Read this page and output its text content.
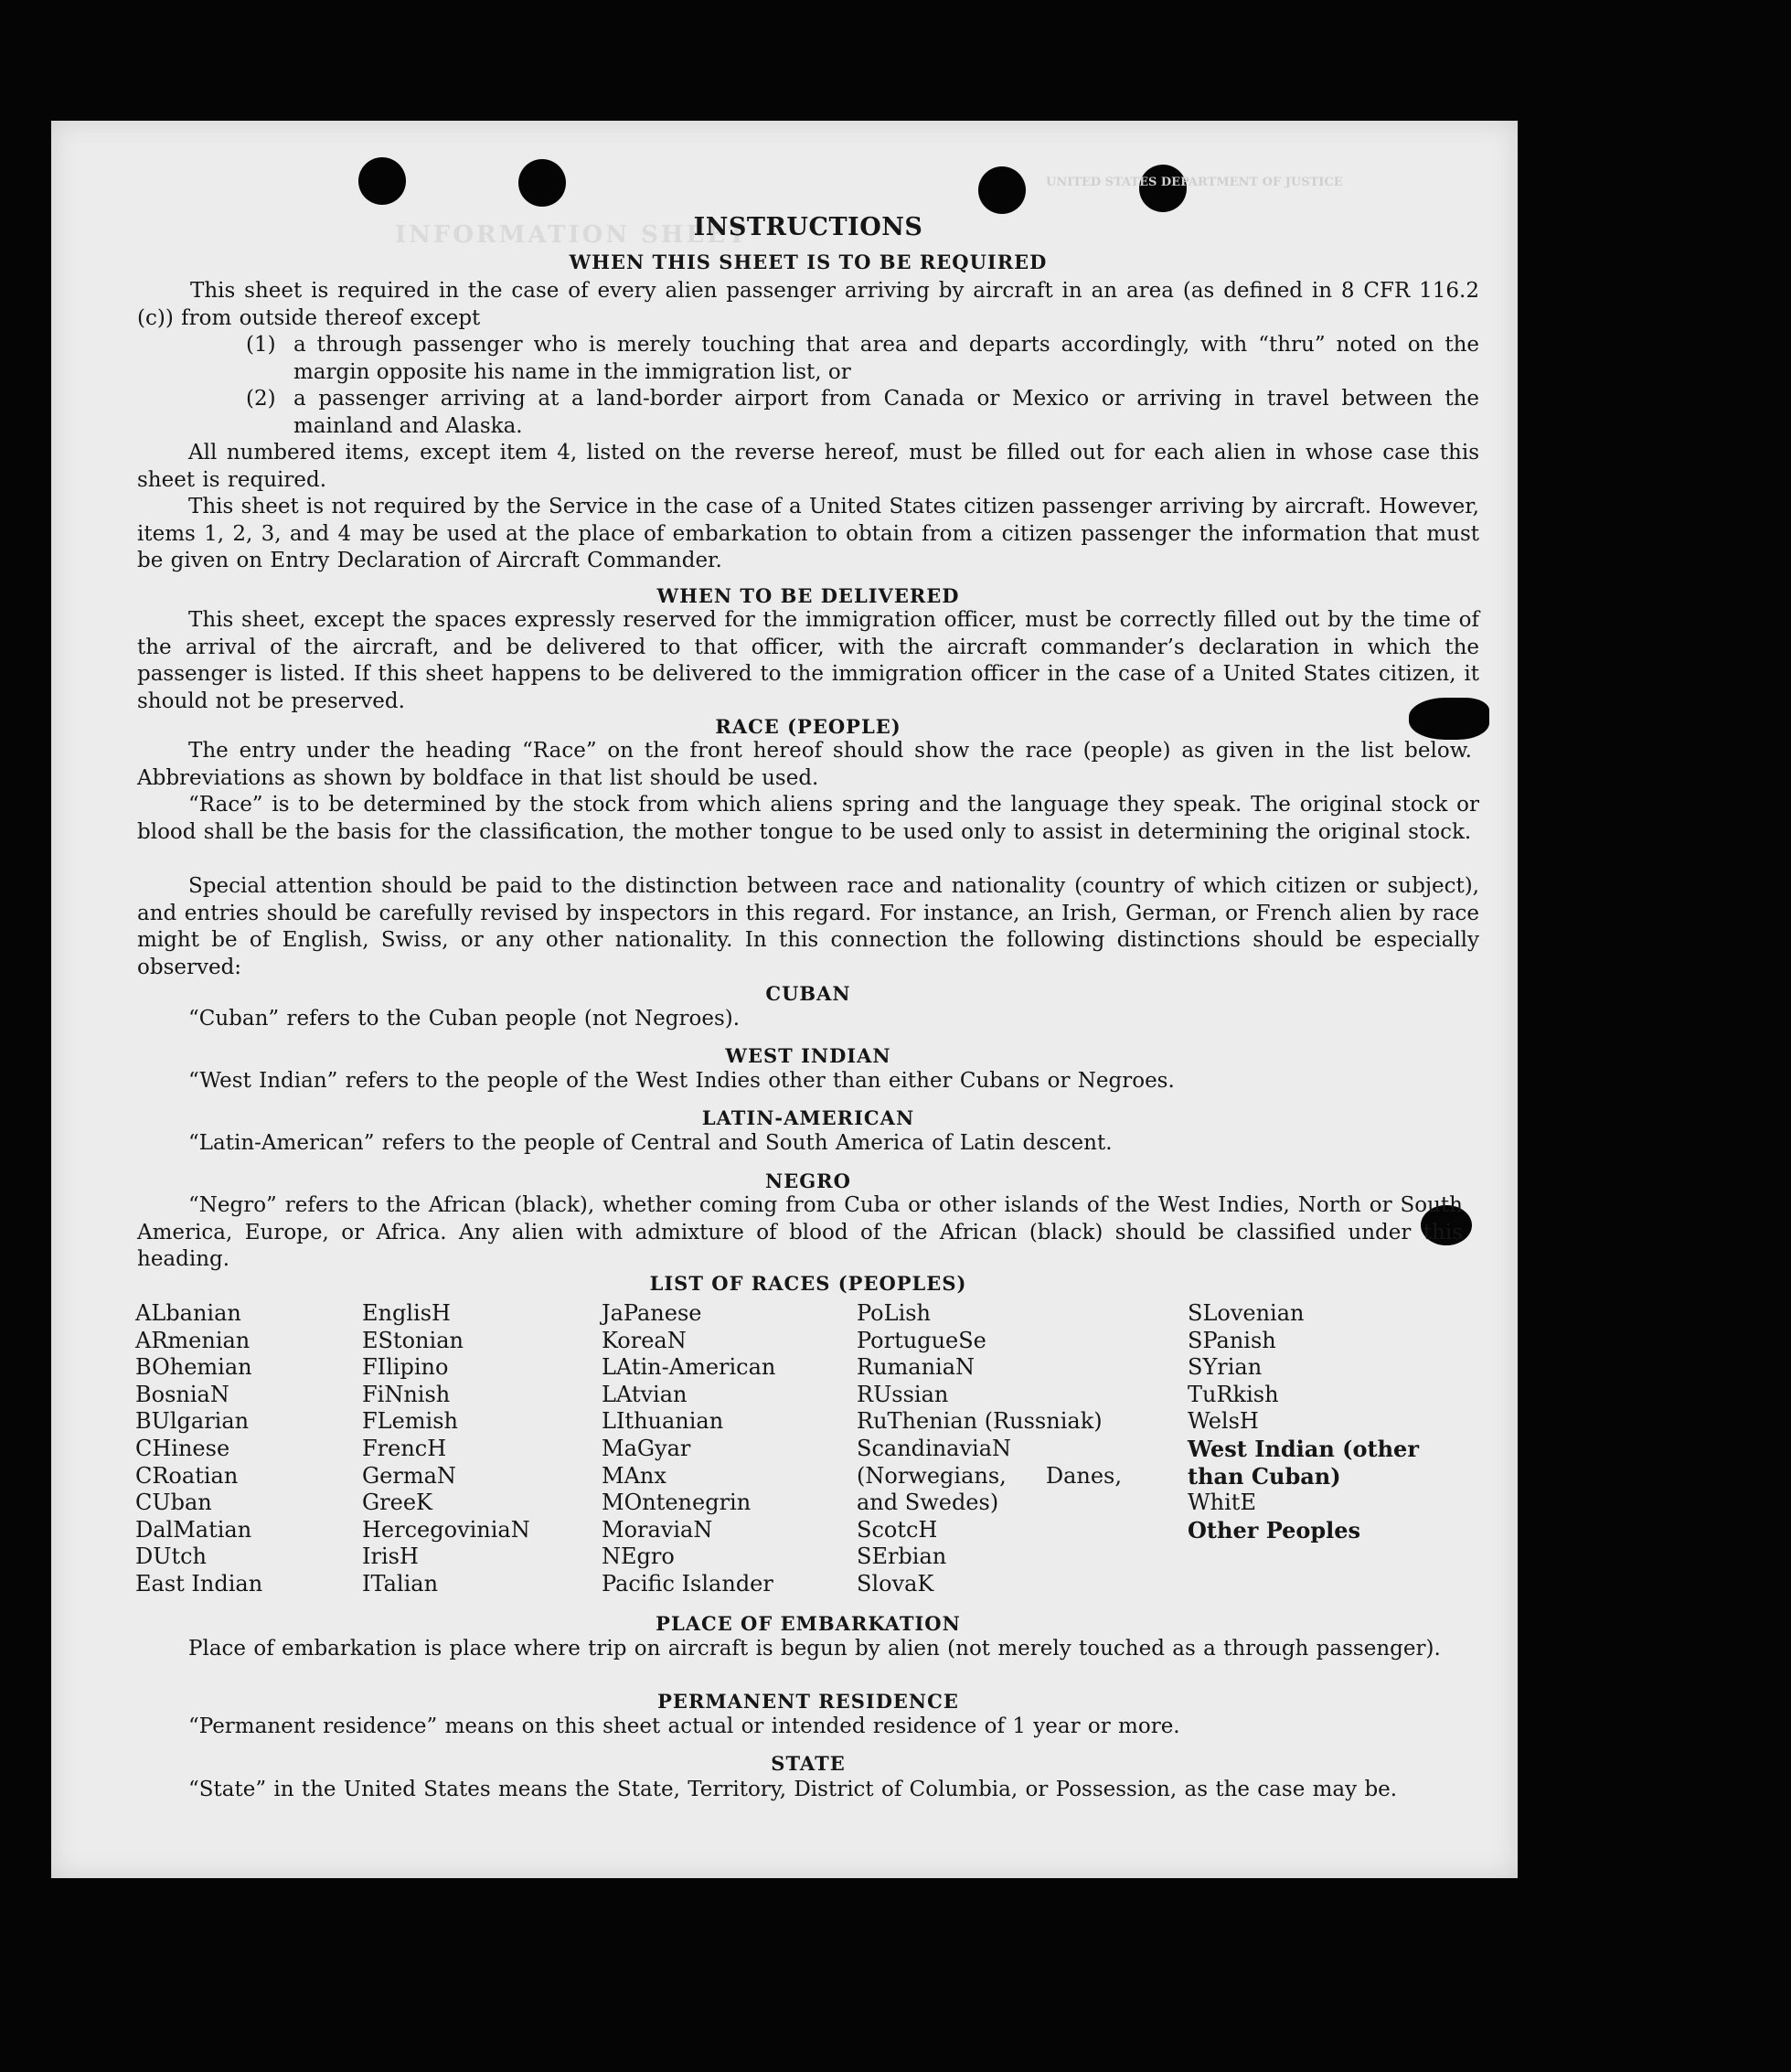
UNITED STATES DEPARTMENT OF JUSTICE
INFORMATION SHEET
INSTRUCTIONS
WHEN THIS SHEET IS TO BE REQUIRED
This sheet is required in the case of every alien passenger arriving by aircraft in an area (as defined in 8 CFR 116.2 (c)) from outside thereof except
(1) a through passenger who is merely touching that area and departs accordingly, with “thru” noted on the margin opposite his name in the immigration list, or
(2) a passenger arriving at a land-border airport from Canada or Mexico or arriving in travel between the mainland and Alaska.
All numbered items, except item 4, listed on the reverse hereof, must be filled out for each alien in whose case this sheet is required.
This sheet is not required by the Service in the case of a United States citizen passenger arriving by aircraft. However, items 1, 2, 3, and 4 may be used at the place of embarkation to obtain from a citizen passenger the information that must be given on Entry Declaration of Aircraft Commander.
WHEN TO BE DELIVERED
This sheet, except the spaces expressly reserved for the immigration officer, must be correctly filled out by the time of the arrival of the aircraft, and be delivered to that officer, with the aircraft commander’s declaration in which the passenger is listed. If this sheet happens to be delivered to the immigration officer in the case of a United States citizen, it should not be preserved.
RACE (PEOPLE)
The entry under the heading “Race” on the front hereof should show the race (people) as given in the list below. Abbreviations as shown by boldface in that list should be used.
“Race” is to be determined by the stock from which aliens spring and the language they speak. The original stock or blood shall be the basis for the classification, the mother tongue to be used only to assist in determining the original stock.
Special attention should be paid to the distinction between race and nationality (country of which citizen or subject), and entries should be carefully revised by inspectors in this regard. For instance, an Irish, German, or French alien by race might be of English, Swiss, or any other nationality. In this connection the following distinctions should be especially observed:
CUBAN
“Cuban” refers to the Cuban people (not Negroes).
WEST INDIAN
“West Indian” refers to the people of the West Indies other than either Cubans or Negroes.
LATIN-AMERICAN
“Latin-American” refers to the people of Central and South America of Latin descent.
NEGRO
“Negro” refers to the African (black), whether coming from Cuba or other islands of the West Indies, North or South America, Europe, or Africa. Any alien with admixture of blood of the African (black) should be classified under this heading.
LIST OF RACES (PEOPLES)
ALbanian
ARmenian
BOhemian
BosniaN
BUlgarian
CHinese
CRoatian
CUban
DalMatian
DUtch
East Indian
EnglisH
EStonian
FIlipino
FiNnish
FLemish
FrencH
GermaN
GreeK
HercegoviniaN
IrisH
ITalian
JaPanese
KoreaN
LAtin-American
LAtvian
LIthuanian
MaGyar
MAnx
MOntenegrin
MoraviaN
NEgro
Pacific Islander
PoLish
PortugueSe
RumaniaN
RUssian
RuThenian (Russniak)
ScandinaviaN (Norwegians, Danes, and Swedes)
ScotcH
SErbian
SlovaK
SLovenian
SPanish
SYrian
TuRkish
WelsH
West Indian (other than Cuban)
WhitE
Other Peoples
PLACE OF EMBARKATION
Place of embarkation is place where trip on aircraft is begun by alien (not merely touched as a through passenger).
PERMANENT RESIDENCE
“Permanent residence” means on this sheet actual or intended residence of 1 year or more.
STATE
“State” in the United States means the State, Territory, District of Columbia, or Possession, as the case may be.
